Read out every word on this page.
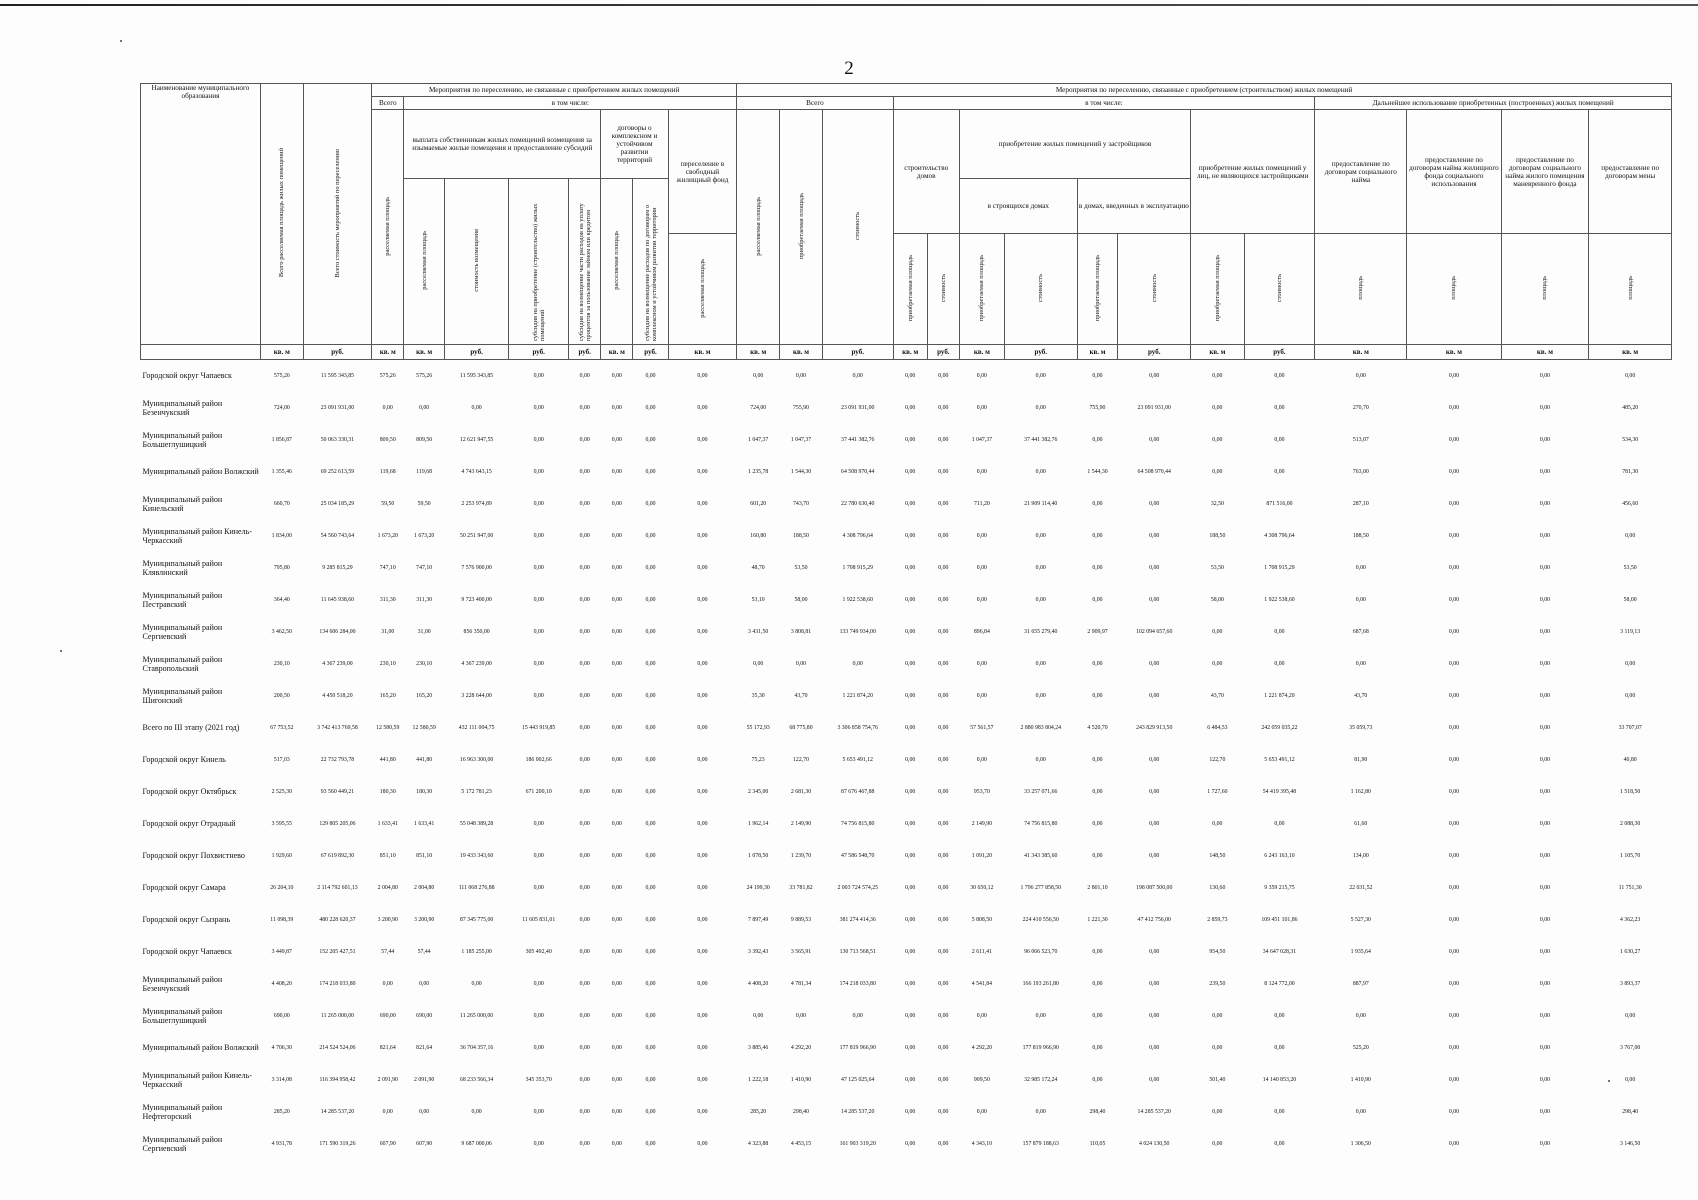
2
Наименование муниципального образования	Всего расселяемая площадь жилых помещений	Всего стоимость мероприятий по переселению	Мероприятия по переселению, не связанные с приобретением жилых помещений								Мероприятия по переселению, связанные с приобретением (строительством) жилых помещений														
			Всего	в том числе:							Всего			в том числе:								Дальнейшее использование приобретенных (построенных) жилых помещений			
			расселяемая площадь	выплата собственникам жилых помещений возмещения за изымаемые жилые помещения и предоставление субсидий				договоры о комплексном и устойчивом развитии территорий		переселение в свободный жилищный фонд	расселяемая площадь	приобретаемая площадь	стоимость	строительство домов		приобретение жилых помещений у застройщиков				приобретение жилых помещений у лиц, не являющихся застройщиками		предоставление по договорам социального найма	предоставление по договорам найма жилищного фонда социального использования	предоставление по договорам социального найма жилого помещения маневренного фонда	предоставление по договорам мены
				расселяемая площадь	стоимость возмещения	субсидия на приобретение (строительство) жилых помещений	субсидия на возмещение части расходов на уплату процентов за пользование займом или кредитом	расселяемая площадь	субсидия на возмещение расходов по договорам о комплексном и устойчивом развитии территории							в строящихся домах		в домах, введенных в эксплуатацию							
										расселяемая площадь				приобретаемая площадь	стоимость	приобретаемая площадь	стоимость	приобретаемая площадь	стоимость	приобретаемая площадь	стоимость	площадь	площадь	площадь	площадь
	кв. м	руб.	кв. м	кв. м	руб.	руб.	руб.	кв. м	руб.	кв. м	кв. м	кв. м	руб.	кв. м	руб.	кв. м	руб.	кв. м	руб.	кв. м	руб.	кв. м	кв. м	кв. м	кв. м
Городской округ Чапаевск	575,26	11 595 343,85	575,26	575,26	11 595 343,85	0,00	0,00	0,00	0,00	0,00	0,00	0,00	0,00	0,00	0,00	0,00	0,00	0,00	0,00	0,00	0,00	0,00	0,00	0,00	0,00
Муниципальный район Безенчукский	724,00	23 091 931,00	0,00	0,00	0,00	0,00	0,00	0,00	0,00	0,00	724,00	755,90	23 091 931,00	0,00	0,00	0,00	0,00	755,90	23 091 931,00	0,00	0,00	270,70	0,00	0,00	485,20
Муниципальный район Большеглушицкий	1 856,87	50 063 330,31	809,50	809,50	12 621 947,55	0,00	0,00	0,00	0,00	0,00	1 047,37	1 047,37	37 441 382,76	0,00	0,00	1 047,37	37 441 382,76	0,00	0,00	0,00	0,00	513,07	0,00	0,00	534,30
Муниципальный район Волжский	1 355,46	69 252 613,59	119,68	119,68	4 743 643,15	0,00	0,00	0,00	0,00	0,00	1 235,78	1 544,30	64 508 970,44	0,00	0,00	0,00	0,00	1 544,30	64 508 970,44	0,00	0,00	763,00	0,00	0,00	781,30
Муниципальный район Кинельский	660,70	25 034 185,29	59,50	59,50	2 253 974,89	0,00	0,00	0,00	0,00	0,00	601,20	743,70	22 780 630,40	0,00	0,00	711,20	21 909 114,40	0,00	0,00	32,50	871 516,00	287,10	0,00	0,00	456,60
Муниципальный район Кинель-Черкасский	1 834,00	54 560 743,64	1 673,20	1 673,20	50 251 947,00	0,00	0,00	0,00	0,00	0,00	160,80	188,50	4 308 796,64	0,00	0,00	0,00	0,00	0,00	0,00	188,50	4 308 796,64	188,50	0,00	0,00	0,00
Муниципальный район Клявлинский	795,80	9 285 815,29	747,10	747,10	7 576 900,00	0,00	0,00	0,00	0,00	0,00	48,70	53,50	1 708 915,29	0,00	0,00	0,00	0,00	0,00	0,00	53,50	1 708 915,29	0,00	0,00	0,00	53,50
Муниципальный район Пестравский	364,40	11 645 938,60	311,30	311,30	9 723 400,00	0,00	0,00	0,00	0,00	0,00	53,10	58,00	1 922 538,60	0,00	0,00	0,00	0,00	0,00	0,00	58,00	1 922 538,60	0,00	0,00	0,00	58,00
Муниципальный район Сергиевский	3 462,50	134 606 284,00	31,00	31,00	856 350,00	0,00	0,00	0,00	0,00	0,00	3 431,50	3 808,81	133 749 934,00	0,00	0,00	896,84	31 655 279,40	2 909,97	102 094 657,60	0,00	0,00	687,68	0,00	0,00	3 119,13
Муниципальный район Ставропольский	230,10	4 367 239,00	230,10	230,10	4 367 239,00	0,00	0,00	0,00	0,00	0,00	0,00	0,00	0,00	0,00	0,00	0,00	0,00	0,00	0,00	0,00	0,00	0,00	0,00	0,00	0,00
Муниципальный район Шигонский	200,50	4 450 518,20	165,20	165,20	3 228 644,00	0,00	0,00	0,00	0,00	0,00	35,30	43,70	1 221 874,20	0,00	0,00	0,00	0,00	0,00	0,00	43,70	1 221 874,20	43,70	0,00	0,00	0,00
Всего по III этапу (2021 год)	67 753,52	3 742 413 769,58	12 580,59	12 580,59	432 111 004,75	15 443 919,85	0,00	0,00	0,00	0,00	55 172,93	68 775,80	3 306 858 754,76	0,00	0,00	57 561,57	2 880 983 804,24	4 520,70	243 829 913,50	6 484,53	242 059 035,22	35 059,73	0,00	0,00	33 707,07
Городской округ Кинель	517,03	22 732 793,78	441,80	441,80	16 963 300,00	186 002,66	0,00	0,00	0,00	0,00	75,23	122,70	5 653 491,12	0,00	0,00	0,00	0,00	0,00	0,00	122,70	5 653 491,12	81,90	0,00	0,00	40,80
Городской округ Октябрьск	2 525,30	93 560 449,21	180,30	180,30	5 172 781,23	671 200,10	0,00	0,00	0,00	0,00	2 345,00	2 681,30	87 676 467,88	0,00	0,00	953,70	33 257 071,66	0,00	0,00	1 727,60	54 419 395,48	1 162,80	0,00	0,00	1 518,50
Городской округ Отрадный	3 595,55	129 805 205,06	1 633,41	1 633,41	55 048 389,28	0,00	0,00	0,00	0,00	0,00	1 962,14	2 149,90	74 756 815,80	0,00	0,00	2 149,90	74 756 815,80	0,00	0,00	0,00	0,00	61,60	0,00	0,00	2 088,30
Городской округ Похвистнево	1 929,60	67 619 892,30	851,10	851,10	19 433 343,60	0,00	0,00	0,00	0,00	0,00	1 078,50	1 239,70	47 586 548,70	0,00	0,00	1 091,20	41 343 385,60	0,00	0,00	148,50	6 243 163,10	134,00	0,00	0,00	1 105,70
Городской округ Самара	26 204,10	2 114 792 601,13	2 004,80	2 004,80	111 068 276,88	0,00	0,00	0,00	0,00	0,00	24 199,30	33 781,82	2 003 724 574,25	0,00	0,00	30 650,12	1 796 277 858,50	2 801,10	198 087 500,00	130,60	9 359 215,75	22 031,52	0,00	0,00	11 751,30
Городской округ Сызрань	11 098,39	480 228 620,37	3 200,90	3 200,90	87 345 775,00	11 605 831,01	0,00	0,00	0,00	0,00	7 897,49	9 889,53	381 274 414,36	0,00	0,00	5 808,50	224 410 556,50	1 221,30	47 412 756,00	2 859,73	109 451 101,86	5 527,30	0,00	0,00	4 362,23
Городской округ Чапаевск	3 449,87	152 205 427,51	57,44	57,44	1 185 255,00	305 492,40	0,00	0,00	0,00	0,00	3 392,43	3 565,91	130 713 568,51	0,00	0,00	2 611,41	96 066 523,70	0,00	0,00	954,50	34 647 028,31	1 935,64	0,00	0,00	1 630,27
Муниципальный район Безенчукский	4 408,20	174 218 033,80	0,00	0,00	0,00	0,00	0,00	0,00	0,00	0,00	4 408,20	4 781,34	174 218 033,80	0,00	0,00	4 541,84	166 193 261,80	0,00	0,00	239,50	8 124 772,00	887,97	0,00	0,00	3 893,37
Муниципальный район Большеглушицкий	690,00	11 265 000,00	690,00	690,00	11 265 000,00	0,00	0,00	0,00	0,00	0,00	0,00	0,00	0,00	0,00	0,00	0,00	0,00	0,00	0,00	0,00	0,00	0,00	0,00	0,00	0,00
Муниципальный район Волжский	4 706,30	214 524 524,06	821,64	821,64	36 704 357,16	0,00	0,00	0,00	0,00	0,00	3 885,46	4 292,20	177 819 966,90	0,00	0,00	4 292,20	177 819 966,90	0,00	0,00	0,00	0,00	525,20	0,00	0,00	3 767,00
Муниципальный район Кинель-Черкасский	3 314,08	116 394 958,42	2 091,90	2 091,90	68 233 566,34	345 353,70	0,00	0,00	0,00	0,00	1 222,18	1 410,90	47 125 025,64	0,00	0,00	909,50	32 985 172,24	0,00	0,00	501,40	14 140 853,20	1 410,90	0,00	0,00	0,00
Муниципальный район Нефтегорский	285,20	14 285 537,20	0,00	0,00	0,00	0,00	0,00	0,00	0,00	0,00	285,20	298,40	14 285 537,20	0,00	0,00	0,00	0,00	298,40	14 285 537,20	0,00	0,00	0,00	0,00	0,00	298,40
Муниципальный район Сергиевский	4 931,78	171 590 319,26	607,90	607,90	9 687 000,06	0,00	0,00	0,00	0,00	0,00	4 323,88	4 453,15	161 903 319,20	0,00	0,00	4 343,10	157 879 188,63	110,05	4 024 130,50	0,00	0,00	1 306,50	0,00	0,00	3 146,50
